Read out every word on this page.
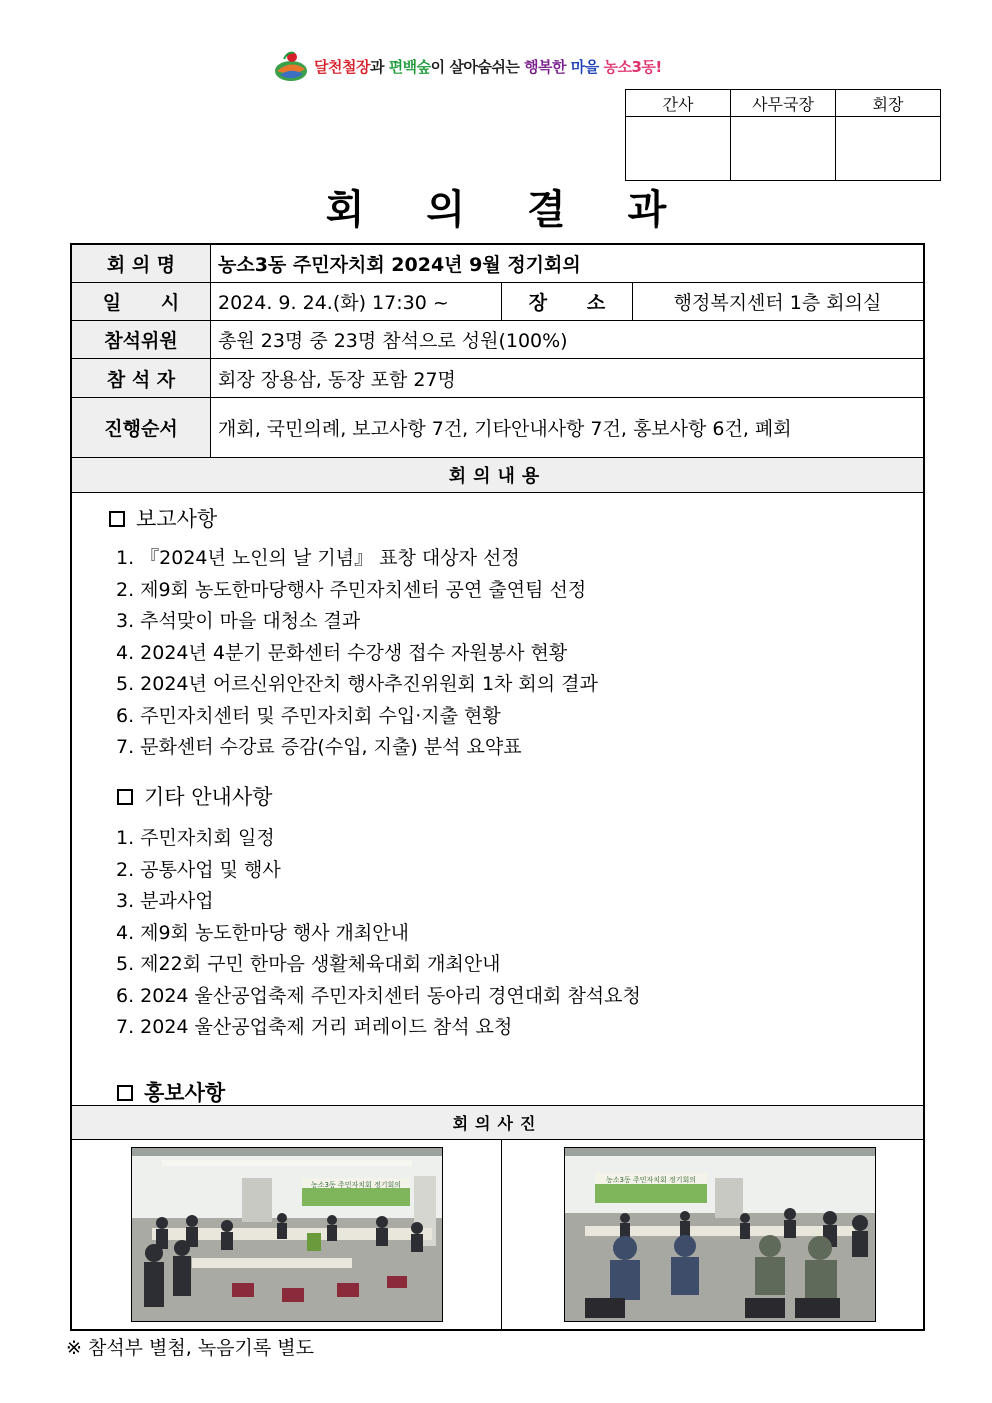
달천철장과 편백숲이 살아숨쉬는 행복한 마을 농소3동!
간사	사무국장	회장

회의결과
회 의 명	농소3동 주민자치회 2024년 9월 정기회의
일      시	2024. 9. 24.(화) 17:30 ~	장      소	행정복지센터 1층 회의실
참석위원	총원 23명 중 23명 참석으로 성원(100%)
참 석 자	회장 장용삼, 동장 포함 27명
진행순서	개회, 국민의례, 보고사항 7건, 기타안내사항 7건, 홍보사항 6건, 폐회
회의내용
보고사항
1. 『2024년 노인의 날 기념』 표창 대상자 선정
2. 제9회 농도한마당행사 주민자치센터 공연 출연팀 선정
3. 추석맞이 마을 대청소 결과
4. 2024년 4분기 문화센터 수강생 접수 자원봉사 현황
5. 2024년 어르신위안잔치 행사추진위원회 1차 회의 결과
6. 주민자치센터 및 주민자치회 수입·지출 현황
7. 문화센터 수강료 증감(수입, 지출) 분석 요약표
기타 안내사항
1. 주민자치회 일정
2. 공통사업 및 행사
3. 분과사업
4. 제9회 농도한마당 행사 개최안내
5. 제22회 구민 한마음 생활체육대회 개최안내
6. 2024 울산공업축제 주민자치센터 동아리 경연대회 참석요청
7. 2024 울산공업축제 거리 퍼레이드 참석 요청
홍보사항
회의사진
농소3동 주민자치회 정기회의
농소3동 주민자치회 정기회의
※ 참석부 별첨, 녹음기록 별도
